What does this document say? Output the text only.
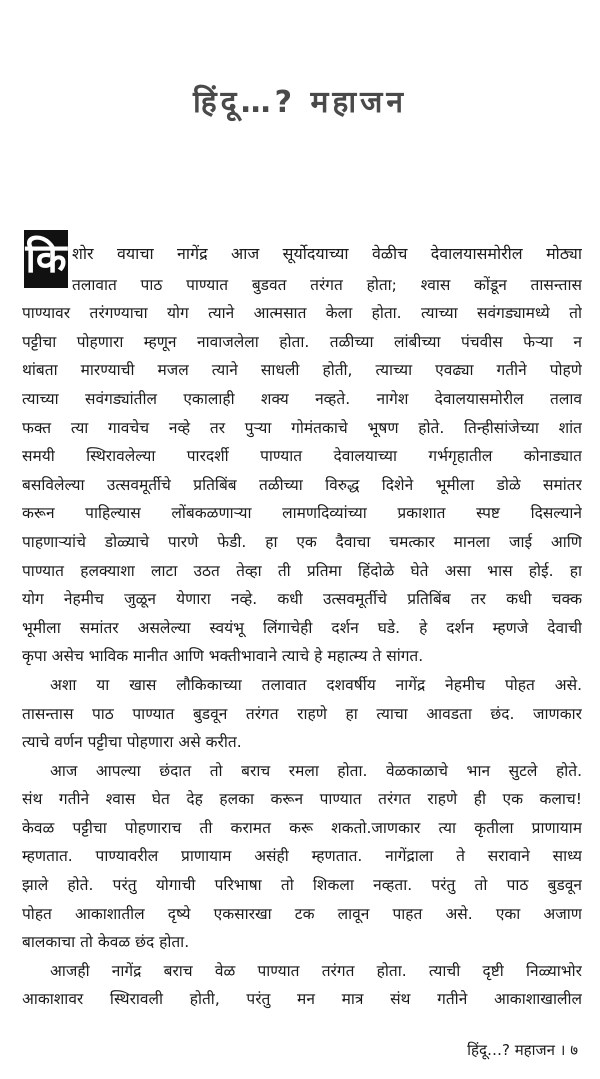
हिंदू…? महाजन
कि शोर वयाचा नागेंद्र आज सूर्योदयाच्या वेळीच देवालयासमोरील मोठ्या
तलावात पाठ पाण्यात बुडवत तरंगत होता; श्वास कोंडून तासन्तास
पाण्यावर तरंगण्याचा योग त्याने आत्मसात केला होता. त्याच्या सवंगड्यामध्ये तो
पट्टीचा पोहणारा म्हणून नावाजलेला होता. तळीच्या लांबीच्या पंचवीस फेऱ्या न
थांबता मारण्याची मजल त्याने साधली होती, त्याच्या एवढ्या गतीने पोहणे
त्याच्या सवंगड्यांतील एकालाही शक्य नव्हते. नागेश देवालयासमोरील तलाव
फक्त त्या गावचेच नव्हे तर पुऱ्या गोमंतकाचे भूषण होते. तिन्हीसांजेच्या शांत
समयी स्थिरावलेल्या पारदर्शी पाण्यात देवालयाच्या गर्भगृहातील कोनाड्यात
बसविलेल्या उत्सवमूर्तीचे प्रतिबिंब तळीच्या विरुद्ध दिशेने भूमीला डोळे समांतर
करून पाहिल्यास लोंबकळणाऱ्या लामणदिव्यांच्या प्रकाशात स्पष्ट दिसल्याने
पाहणाऱ्यांचे डोळ्याचे पारणे फेडी. हा एक दैवाचा चमत्कार मानला जाई आणि
पाण्यात हलक्याशा लाटा उठत तेव्हा ती प्रतिमा हिंदोळे घेते असा भास होई. हा
योग नेहमीच जुळून येणारा नव्हे. कधी उत्सवमूर्तीचे प्रतिबिंब तर कधी चक्क
भूमीला समांतर असलेल्या स्वयंभू लिंगाचेही दर्शन घडे. हे दर्शन म्हणजे देवाची
कृपा असेच भाविक मानीत आणि भक्तीभावाने त्याचे हे महात्म्य ते सांगत.
अशा या खास लौकिकाच्या तलावात दशवर्षीय नागेंद्र नेहमीच पोहत असे.
तासन्तास पाठ पाण्यात बुडवून तरंगत राहणे हा त्याचा आवडता छंद. जाणकार
त्याचे वर्णन पट्टीचा पोहणारा असे करीत.
आज आपल्या छंदात तो बराच रमला होता. वेळकाळाचे भान सुटले होते.
संथ गतीने श्वास घेत देह हलका करून पाण्यात तरंगत राहणे ही एक कलाच!
केवळ पट्टीचा पोहणाराच ती करामत करू शकतो.जाणकार त्या कृतीला प्राणायाम
म्हणतात. पाण्यावरील प्राणायाम असंही म्हणतात. नागेंद्राला ते सरावाने साध्य
झाले होते. परंतु योगाची परिभाषा तो शिकला नव्हता. परंतु तो पाठ बुडवून
पोहत आकाशातील दृष्ये एकसारखा टक लावून पाहत असे. एका अजाण
बालकाचा तो केवळ छंद होता.
आजही नागेंद्र बराच वेळ पाण्यात तरंगत होता. त्याची दृष्टी निळ्याभोर
आकाशावर स्थिरावली होती, परंतु मन मात्र संथ गतीने आकाशाखालील
हिंदू…? महाजन । ७
